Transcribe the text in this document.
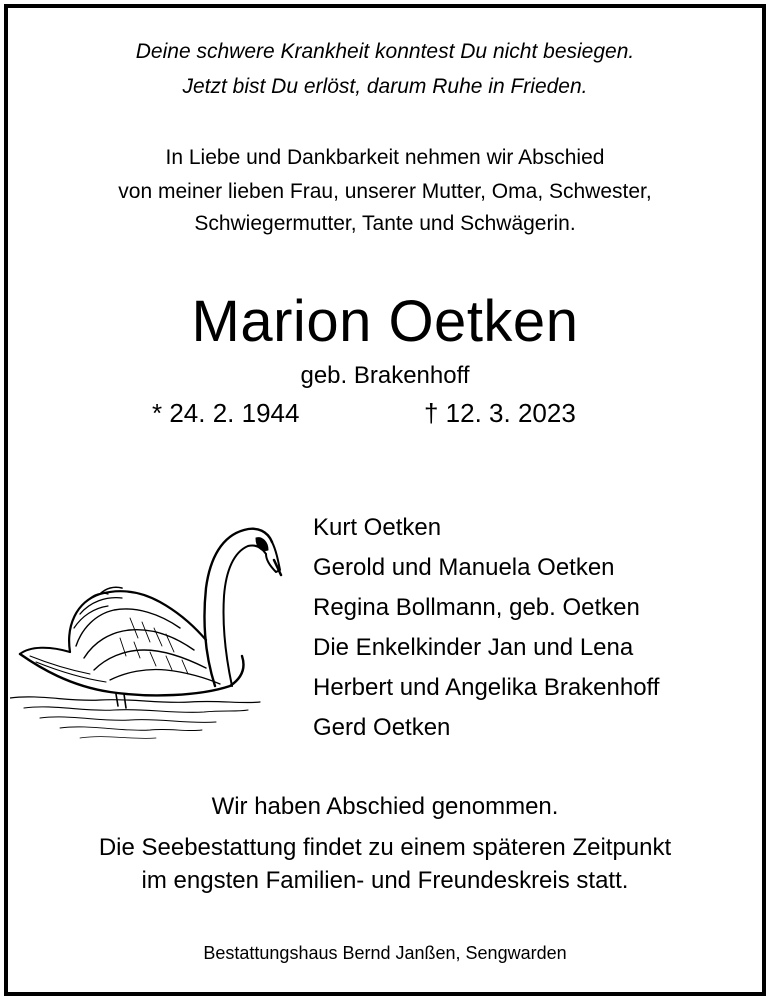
Deine schwere Krankheit konntest Du nicht besiegen.
Jetzt bist Du erlöst, darum Ruhe in Frieden.
In Liebe und Dankbarkeit nehmen wir Abschied
von meiner lieben Frau, unserer Mutter, Oma, Schwester,
Schwiegermutter, Tante und Schwägerin.
Marion Oetken
geb. Brakenhoff
* 24. 2. 1944	† 12. 3. 2023
Kurt Oetken
Gerold und Manuela Oetken
Regina Bollmann, geb. Oetken
Die Enkelkinder Jan und Lena
Herbert und Angelika Brakenhoff
Gerd Oetken
Wir haben Abschied genommen.
Die Seebestattung findet zu einem späteren Zeitpunkt
im engsten Familien- und Freundeskreis statt.
Bestattungshaus Bernd Janßen, Sengwarden
